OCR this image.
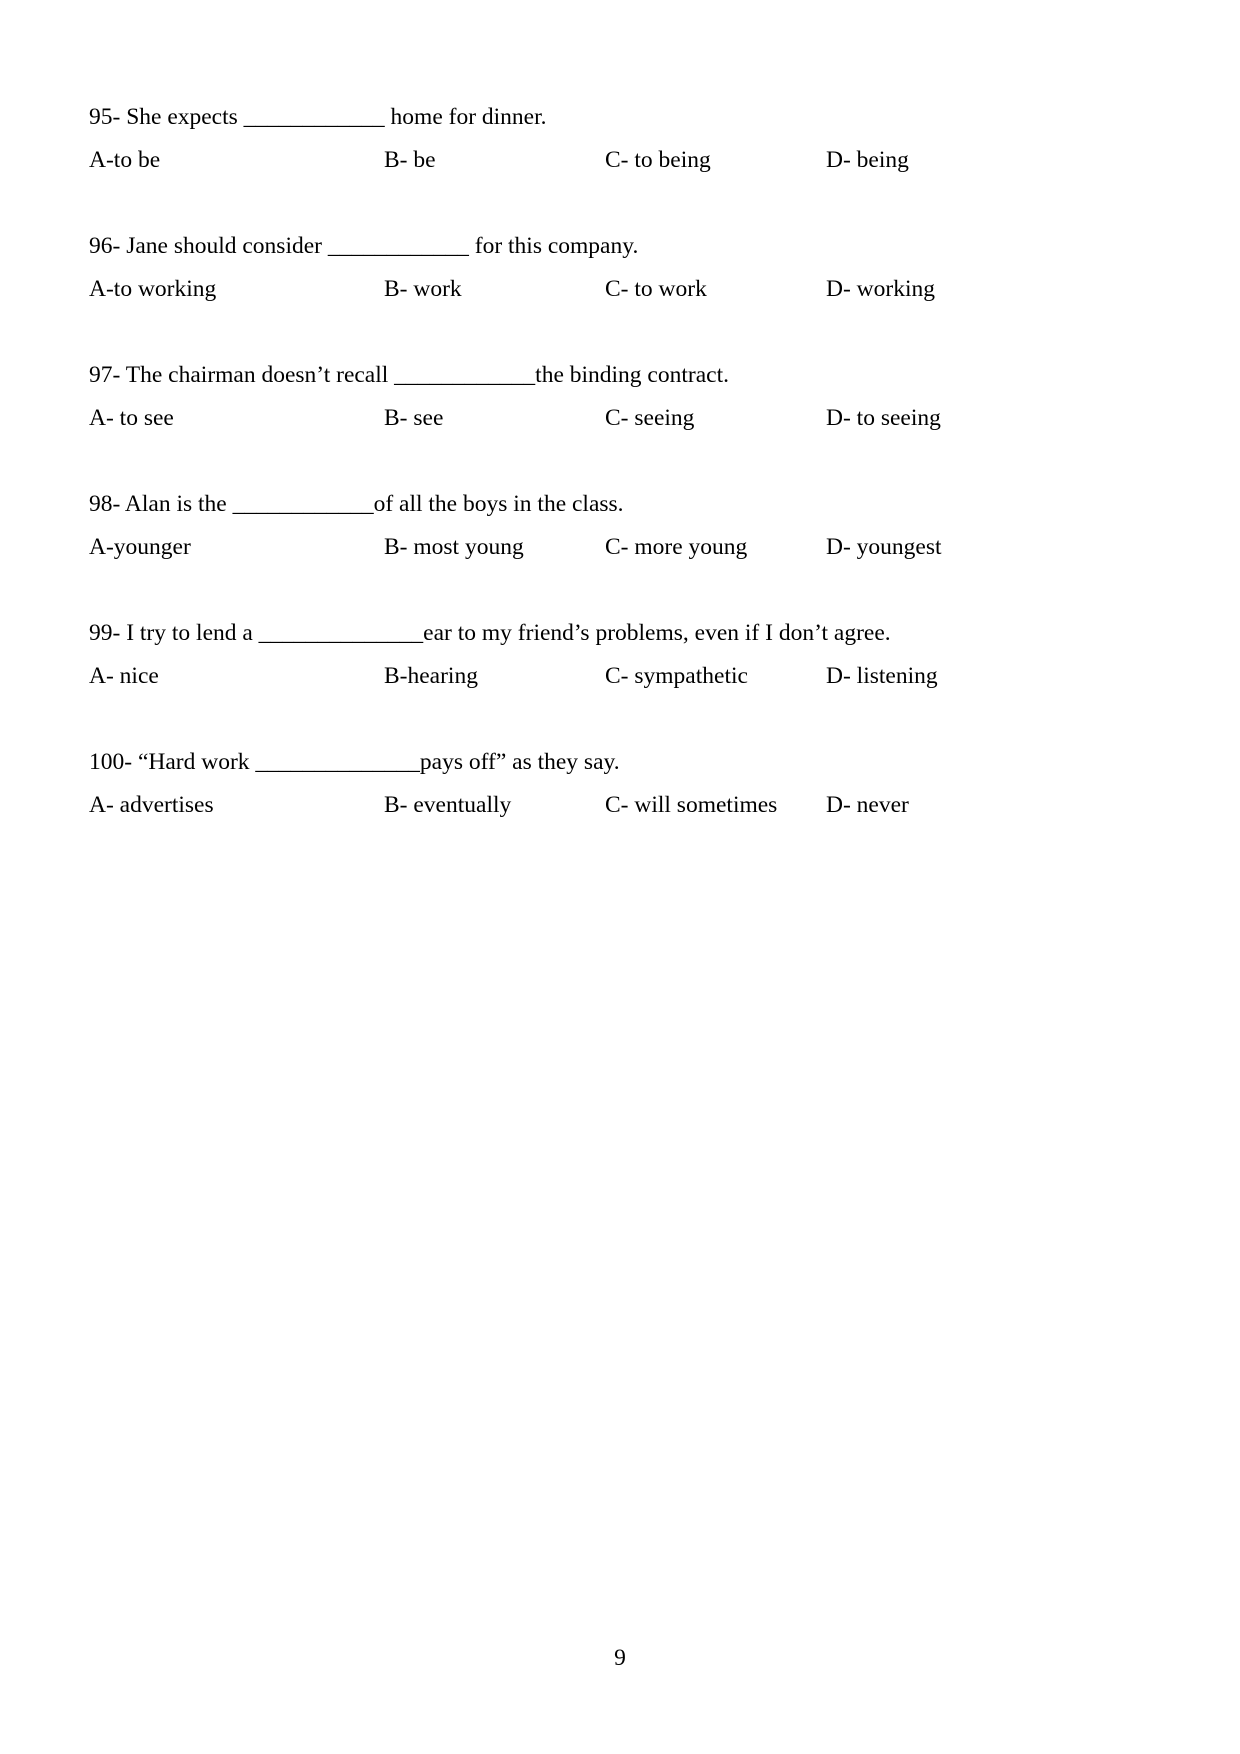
95- She expects ____________ home for dinner.
A-to be	B- be	C- to being	D- being
96- Jane should consider ____________ for this company.
A-to working	B- work	C- to work	D- working
97- The chairman doesn’t recall ____________the binding contract.
A- to see	B- see	C- seeing	D- to seeing
98- Alan is the ____________of all the boys in the class.
A-younger	B- most young	C- more young	D- youngest
99- I try to lend a ______________ear to my friend’s problems, even if I don’t agree.
A- nice	B-hearing	C- sympathetic	D- listening
100- “Hard work ______________pays off” as they say.
A- advertises	B- eventually	C- will sometimes D- never
9
